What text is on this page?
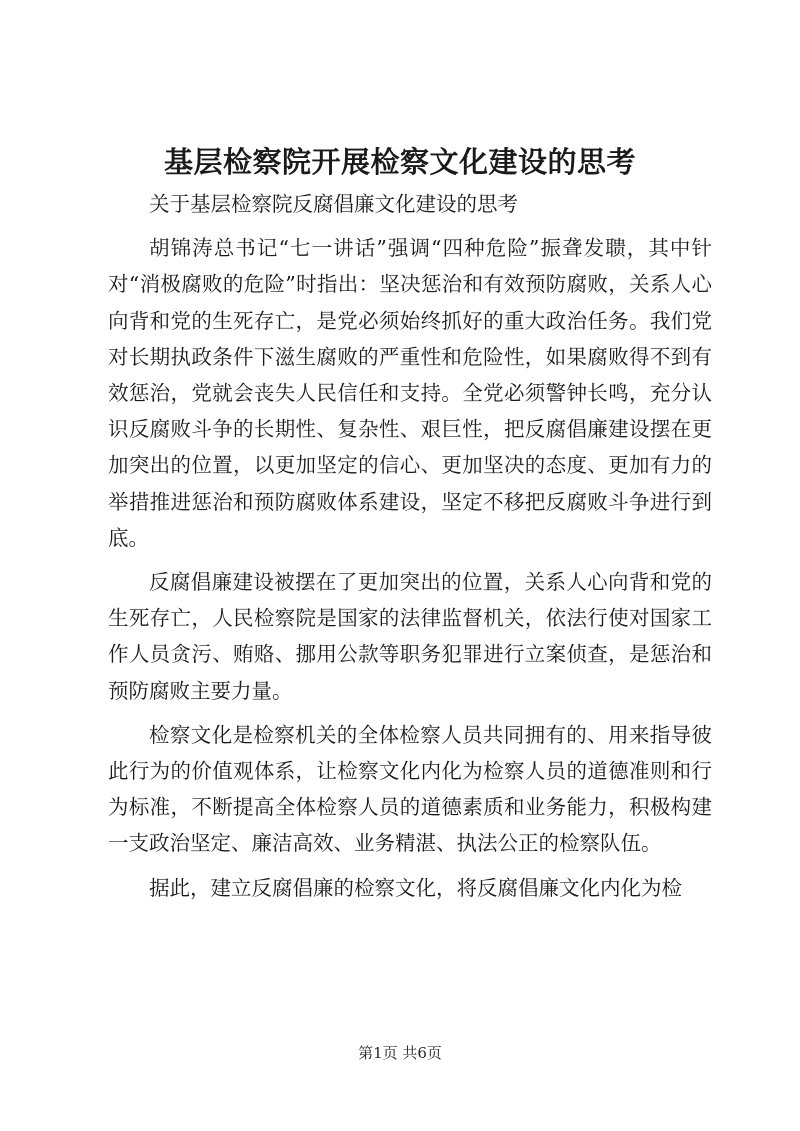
基层检察院开展检察文化建设的思考

关于基层检察院反腐倡廉文化建设的思考

胡锦涛总书记“七一讲话”强调“四种危险”振聋发聩，其中针对“消极腐败的危险”时指出：坚决惩治和有效预防腐败，关系人心向背和党的生死存亡，是党必须始终抓好的重大政治任务。我们党对长期执政条件下滋生腐败的严重性和危险性，如果腐败得不到有效惩治，党就会丧失人民信任和支持。全党必须警钟长鸣，充分认识反腐败斗争的长期性、复杂性、艰巨性，把反腐倡廉建设摆在更加突出的位置，以更加坚定的信心、更加坚决的态度、更加有力的举措推进惩治和预防腐败体系建设，坚定不移把反腐败斗争进行到底。

反腐倡廉建设被摆在了更加突出的位置，关系人心向背和党的生死存亡，人民检察院是国家的法律监督机关，依法行使对国家工作人员贪污、贿赂、挪用公款等职务犯罪进行立案侦查，是惩治和预防腐败主要力量。

检察文化是检察机关的全体检察人员共同拥有的、用来指导彼此行为的价值观体系，让检察文化内化为检察人员的道德准则和行为标准，不断提高全体检察人员的道德素质和业务能力，积极构建一支政治坚定、廉洁高效、业务精湛、执法公正的检察队伍。

据此，建立反腐倡廉的检察文化，将反腐倡廉文化内化为检

第1页 共6页
